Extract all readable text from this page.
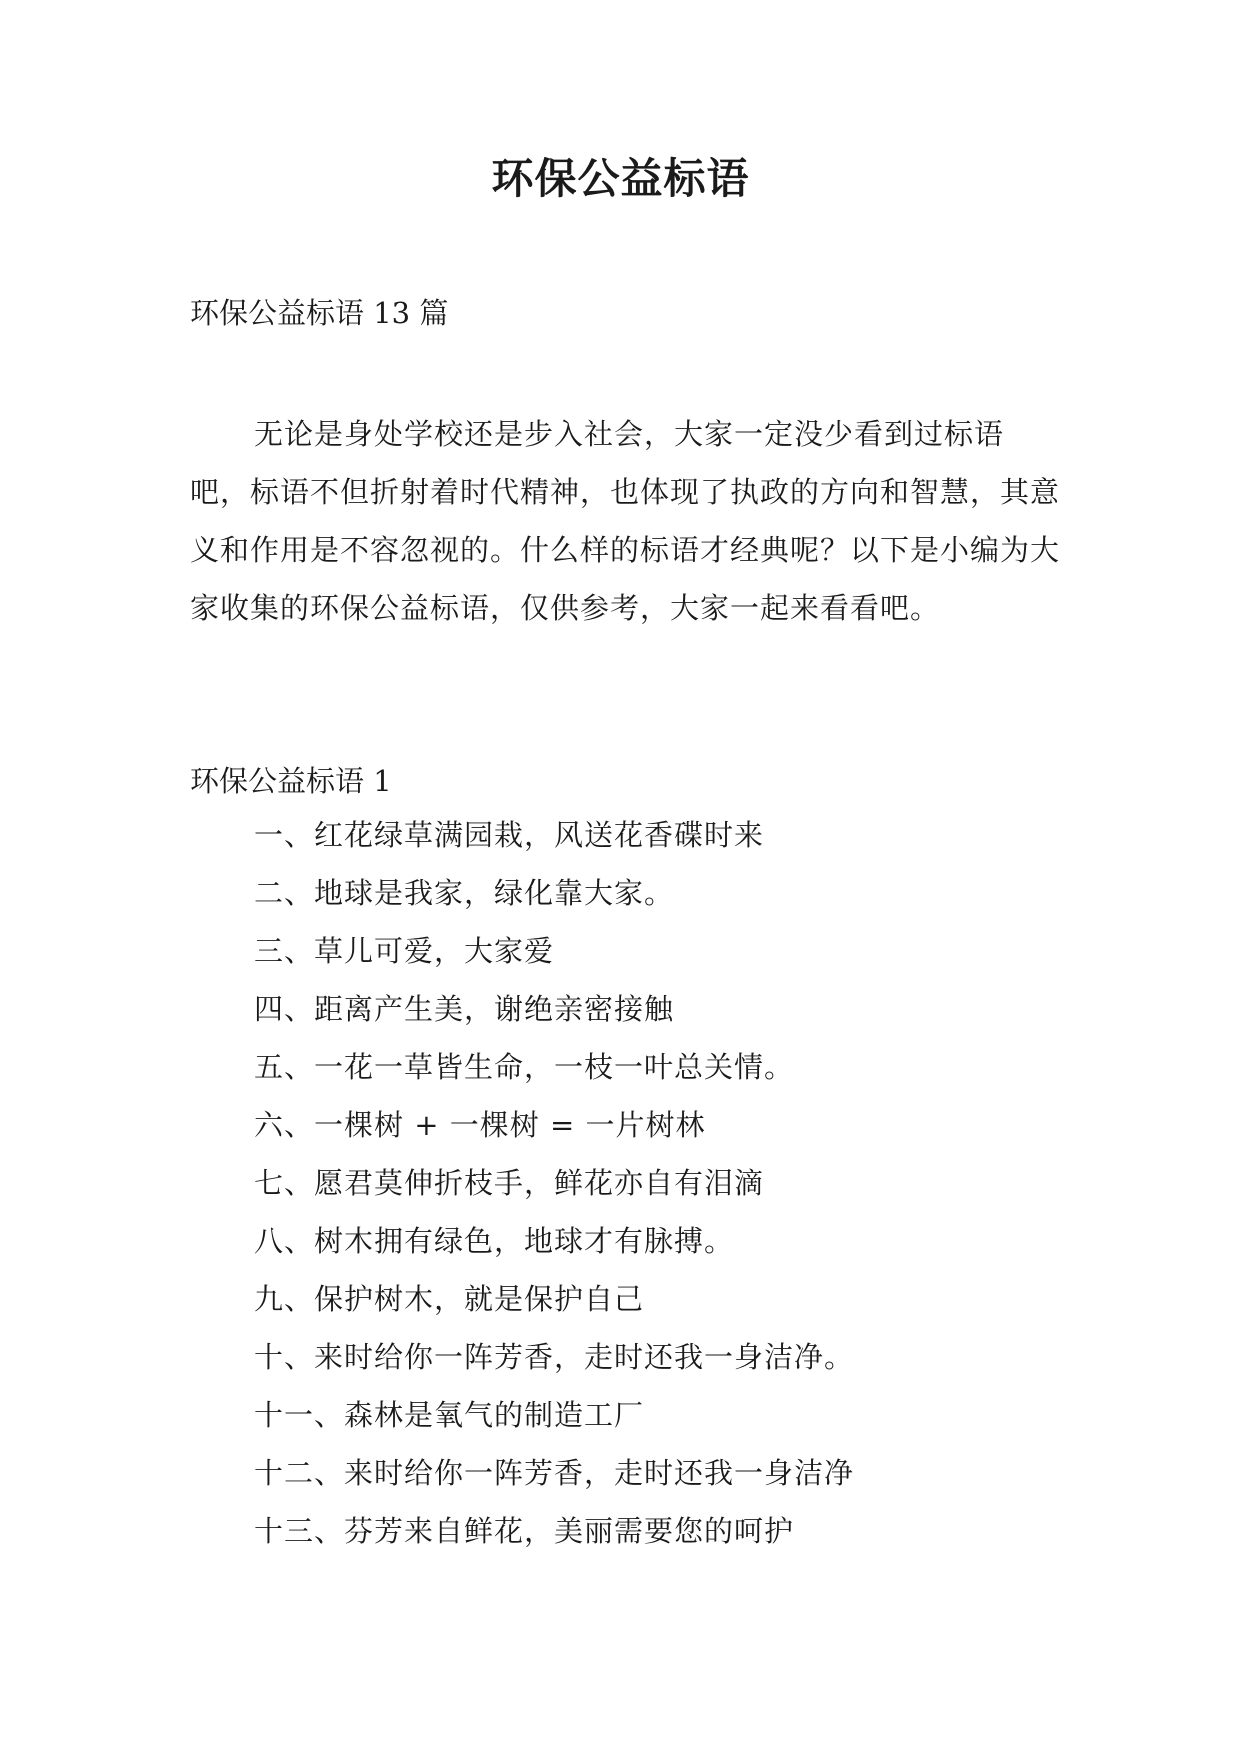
环保公益标语

环保公益标语 13 篇

无论是身处学校还是步入社会，大家一定没少看到过标语吧，标语不但折射着时代精神，也体现了执政的方向和智慧，其意义和作用是不容忽视的。什么样的标语才经典呢？以下是小编为大家收集的环保公益标语，仅供参考，大家一起来看看吧。

环保公益标语 1

一、红花绿草满园栽，风送花香碟时来
二、地球是我家，绿化靠大家。
三、草儿可爱，大家爱
四、距离产生美，谢绝亲密接触
五、一花一草皆生命，一枝一叶总关情。
六、一棵树 + 一棵树 = 一片树林
七、愿君莫伸折枝手，鲜花亦自有泪滴
八、树木拥有绿色，地球才有脉搏。
九、保护树木，就是保护自己
十、来时给你一阵芳香，走时还我一身洁净。
十一、森林是氧气的制造工厂
十二、来时给你一阵芳香，走时还我一身洁净
十三、芬芳来自鲜花，美丽需要您的呵护
